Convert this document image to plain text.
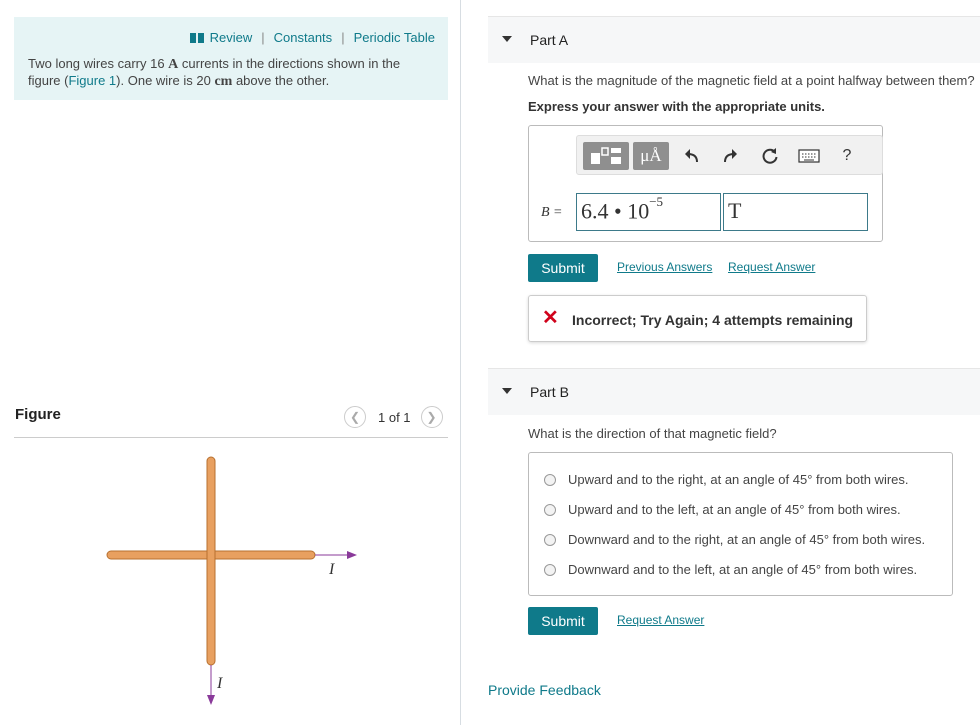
Review | Constants | Periodic Table
Two long wires carry 16 A currents in the directions shown in the figure (Figure 1). One wire is 20 cm above the other.
Figure	❮ 1 of 1 ❯
I
I
Part A
What is the magnitude of the magnetic field at a point halfway between them?
Express your answer with the appropriate units.
μÅ	?
B = 6.4 • $10^{-5}$	T
Submit	Previous Answers Request Answer
✕ Incorrect; Try Again; 4 attempts remaining
Part B
What is the direction of that magnetic field?
Upward and to the right, at an angle of 45° from both wires.
Upward and to the left, at an angle of 45° from both wires.
Downward and to the right, at an angle of 45° from both wires.
Downward and to the left, at an angle of 45° from both wires.
Submit	Request Answer
Provide Feedback
